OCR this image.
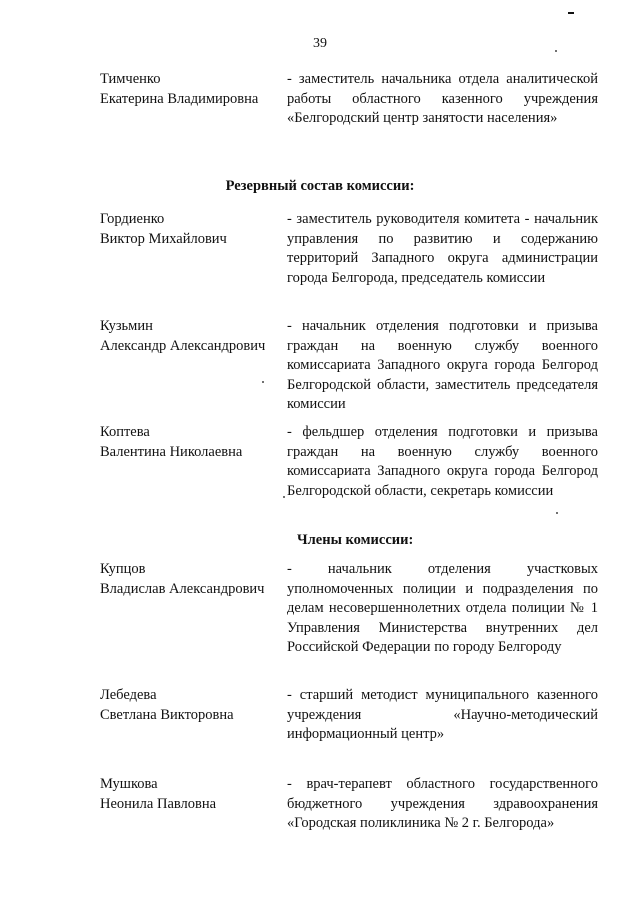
39
Тимченко
Екатерина Владимировна
- заместитель начальника отдела аналитической работы областного казенного учреждения «Белгородский центр занятости населения»
Резервный состав комиссии:
Гордиенко
Виктор Михайлович
- заместитель руководителя комитета - начальник управления по развитию и содержанию территорий Западного округа администрации города Белгорода, председатель комиссии
Кузьмин
Александр Александрович
- начальник отделения подготовки и призыва граждан на военную службу военного комиссариата Западного округа города Белгород Белгородской области, заместитель председателя комиссии
Коптева
Валентина Николаевна
- фельдшер отделения подготовки и призыва граждан на военную службу военного комиссариата Западного округа города Белгород Белгородской области, секретарь комиссии
Члены комиссии:
Купцов
Владислав Александрович
- начальник отделения участковых уполномоченных полиции и подразделения по делам несовершеннолетних отдела полиции № 1 Управления Министерства внутренних дел Российской Федерации по городу Белгороду
Лебедева
Светлана Викторовна
- старший методист муниципального казенного учреждения «Научно-методический информационный центр»
Мушкова
Неонила Павловна
- врач-терапевт областного государственного бюджетного учреждения здравоохранения «Городская поликлиника № 2 г. Белгорода»
